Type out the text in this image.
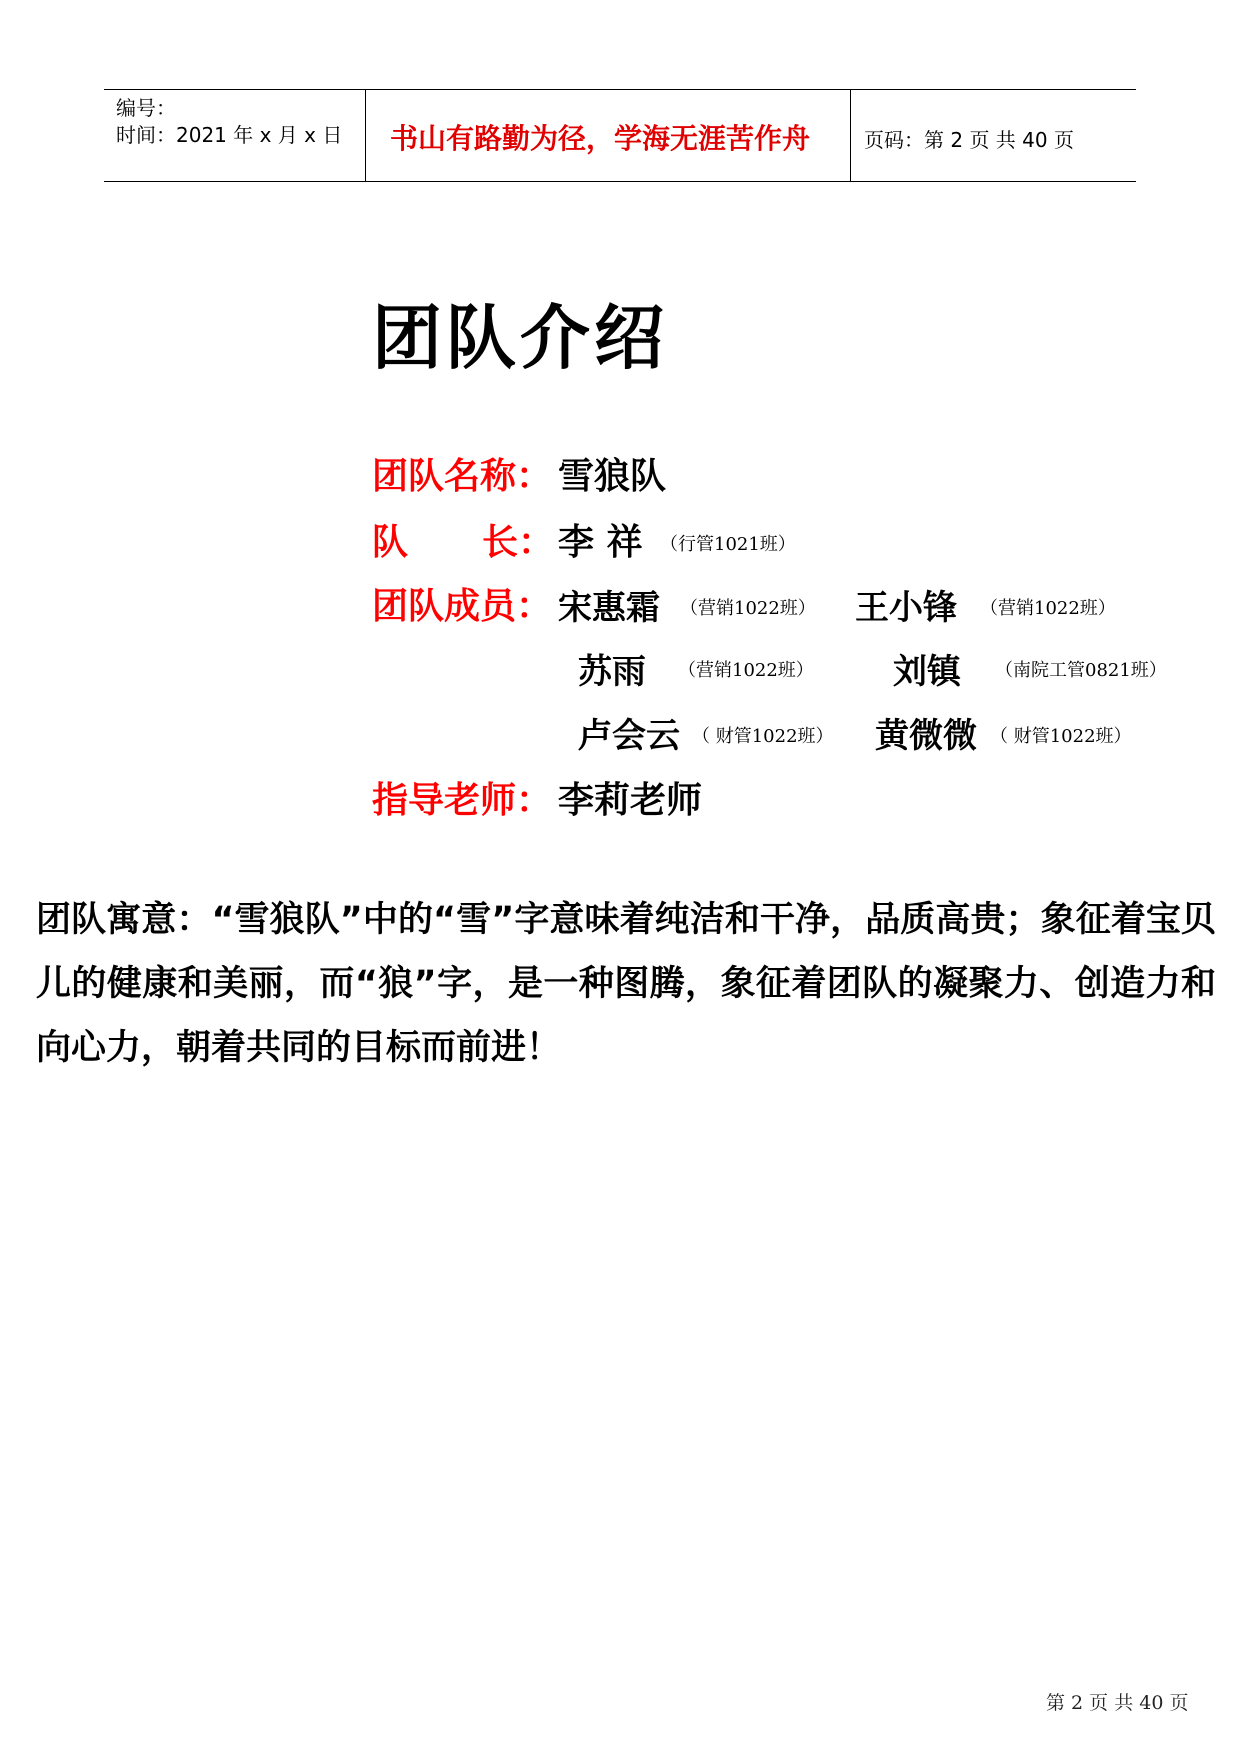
编号：
时间：2021 年 x 月 x 日 书山有路勤为径，学海无涯苦作舟	页码：第 2 页 共 40 页
团队介绍
团队名称： 雪狼队
队 长： 李 祥 （行管1021班）
团队成员： 宋惠霜 （营销1022班） 王小锋 （营销1022班）
苏雨 （营销1022班） 刘镇 （南院工管0821班）
卢会云 （ 财管1022班） 黄微微 （ 财管1022班）
指导老师： 李莉老师
团队寓意：“雪狼队”中的“雪”字意味着纯洁和干净，品质高贵；象征着宝贝儿的健康和美丽，而“狼”字，是一种图腾，象征着团队的凝聚力、创造力和向心力，朝着共同的目标而前进！
第 2 页 共 40 页
